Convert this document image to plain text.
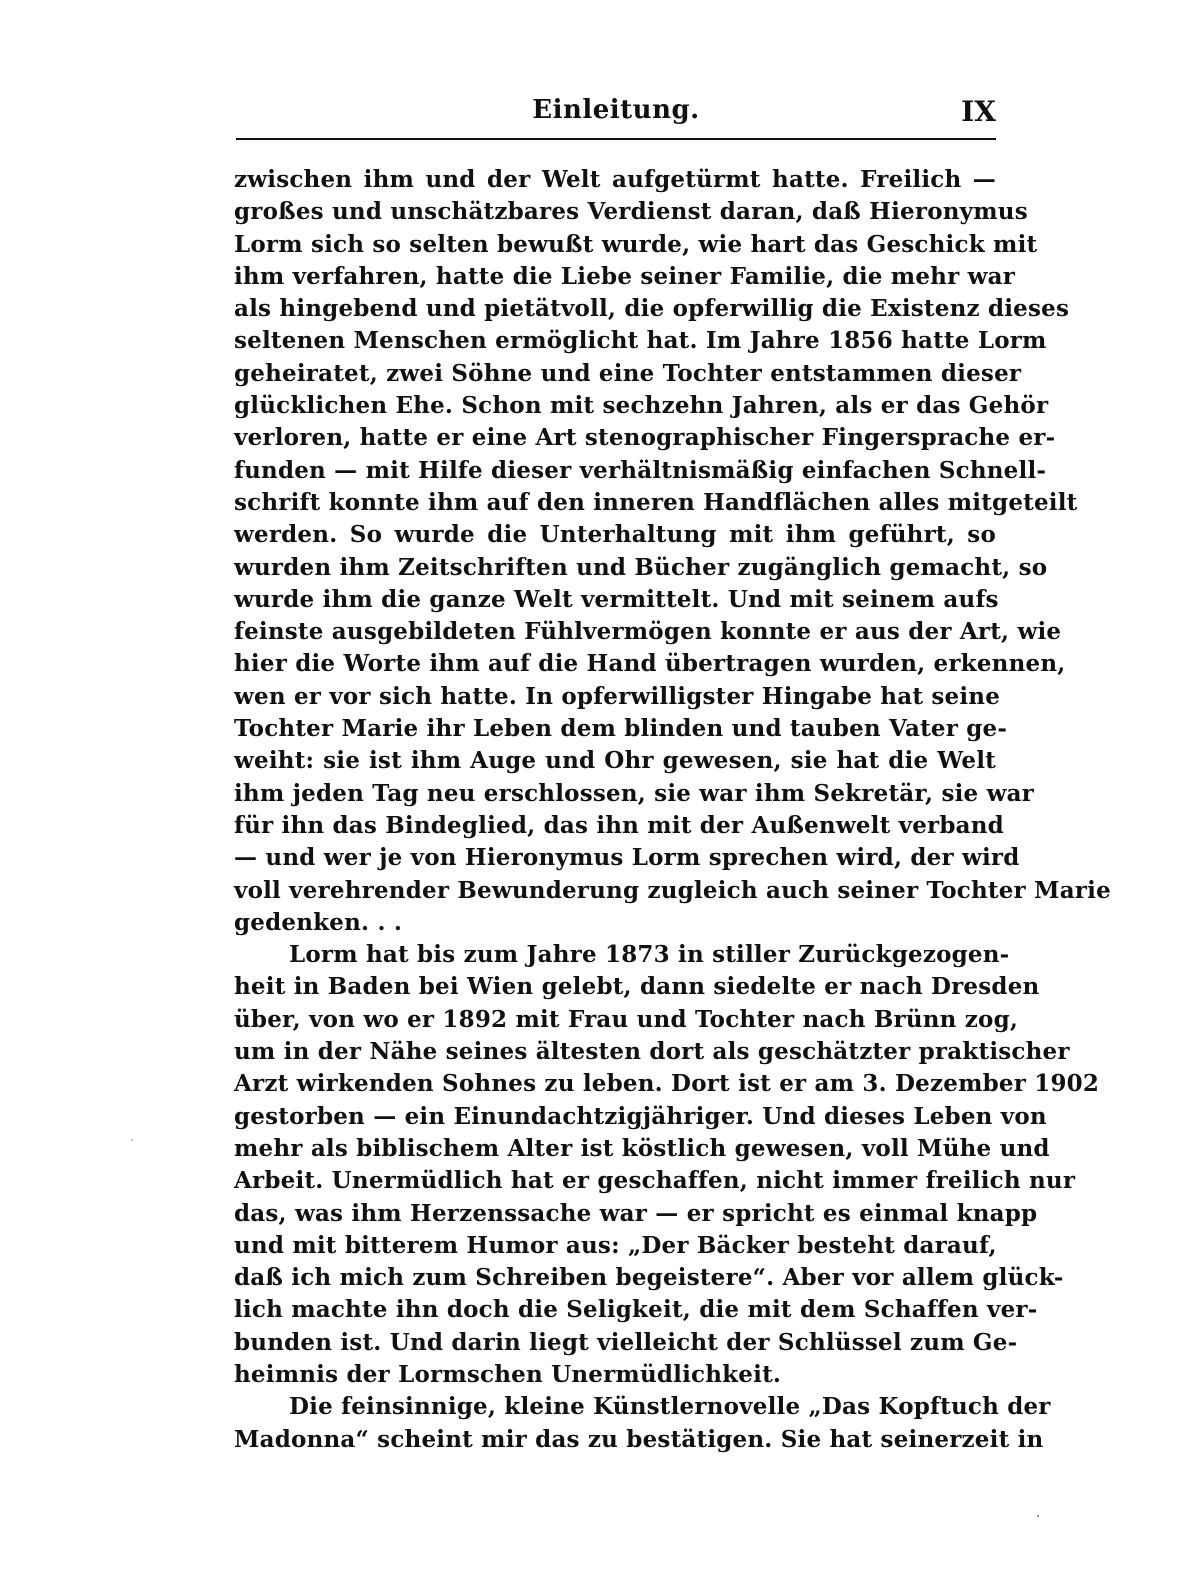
Einleitung.	IX
zwischen ihm und der Welt aufgetürmt hatte. Freilich —
großes und unschätzbares Verdienst daran, daß Hieronymus
Lorm sich so selten bewußt wurde, wie hart das Geschick mit
ihm verfahren, hatte die Liebe seiner Familie, die mehr war
als hingebend und pietätvoll, die opferwillig die Existenz dieses
seltenen Menschen ermöglicht hat. Im Jahre 1856 hatte Lorm
geheiratet, zwei Söhne und eine Tochter entstammen dieser
glücklichen Ehe. Schon mit sechzehn Jahren, als er das Gehör
verloren, hatte er eine Art stenographischer Fingersprache er-
funden — mit Hilfe dieser verhältnismäßig einfachen Schnell-
schrift konnte ihm auf den inneren Handflächen alles mitgeteilt
werden. So wurde die Unterhaltung mit ihm geführt, so
wurden ihm Zeitschriften und Bücher zugänglich gemacht, so
wurde ihm die ganze Welt vermittelt. Und mit seinem aufs
feinste ausgebildeten Fühlvermögen konnte er aus der Art, wie
hier die Worte ihm auf die Hand übertragen wurden, erkennen,
wen er vor sich hatte. In opferwilligster Hingabe hat seine
Tochter Marie ihr Leben dem blinden und tauben Vater ge-
weiht: sie ist ihm Auge und Ohr gewesen, sie hat die Welt
ihm jeden Tag neu erschlossen, sie war ihm Sekretär, sie war
für ihn das Bindeglied, das ihn mit der Außenwelt verband
— und wer je von Hieronymus Lorm sprechen wird, der wird
voll verehrender Bewunderung zugleich auch seiner Tochter Marie
gedenken. . .
Lorm hat bis zum Jahre 1873 in stiller Zurückgezogen-
heit in Baden bei Wien gelebt, dann siedelte er nach Dresden
über, von wo er 1892 mit Frau und Tochter nach Brünn zog,
um in der Nähe seines ältesten dort als geschätzter praktischer
Arzt wirkenden Sohnes zu leben. Dort ist er am 3. Dezember 1902
gestorben — ein Einundachtzigjähriger. Und dieses Leben von
mehr als biblischem Alter ist köstlich gewesen, voll Mühe und
Arbeit. Unermüdlich hat er geschaffen, nicht immer freilich nur
das, was ihm Herzenssache war — er spricht es einmal knapp
und mit bitterem Humor aus: „Der Bäcker besteht darauf,
daß ich mich zum Schreiben begeistere“. Aber vor allem glück-
lich machte ihn doch die Seligkeit, die mit dem Schaffen ver-
bunden ist. Und darin liegt vielleicht der Schlüssel zum Ge-
heimnis der Lormschen Unermüdlichkeit.
Die feinsinnige, kleine Künstlernovelle „Das Kopftuch der
Madonna“ scheint mir das zu bestätigen. Sie hat seinerzeit in
